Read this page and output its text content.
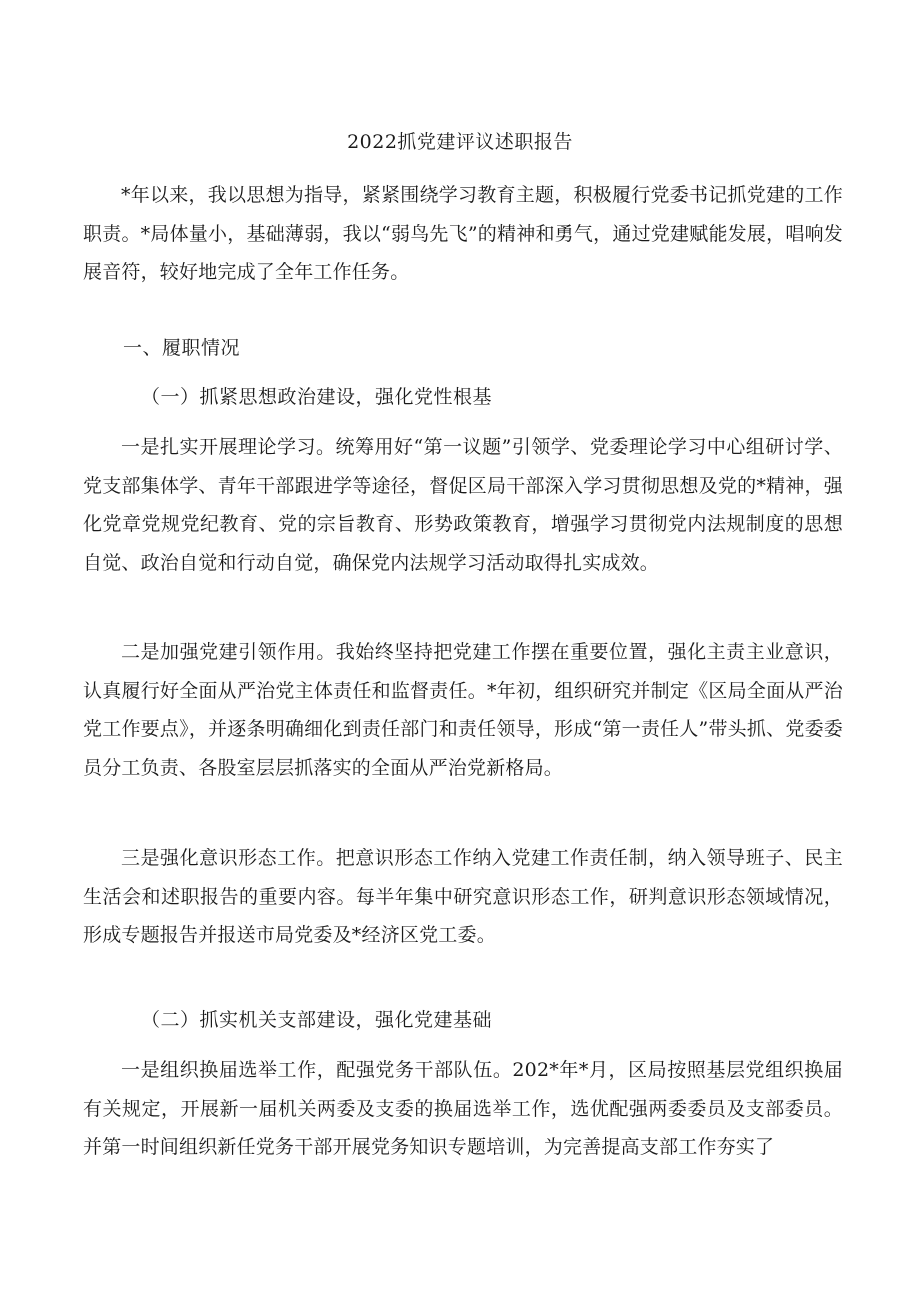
2022抓党建评议述职报告

*年以来，我以思想为指导，紧紧围绕学习教育主题，积极履行党委书记抓党建的工作职责。*局体量小，基础薄弱，我以“弱鸟先飞”的精神和勇气，通过党建赋能发展，唱响发展音符，较好地完成了全年工作任务。

一、履职情况
（一）抓紧思想政治建设，强化党性根基

一是扎实开展理论学习。统筹用好“第一议题”引领学、党委理论学习中心组研讨学、党支部集体学、青年干部跟进学等途径，督促区局干部深入学习贯彻思想及党的*精神，强化党章党规党纪教育、党的宗旨教育、形势政策教育，增强学习贯彻党内法规制度的思想自觉、政治自觉和行动自觉，确保党内法规学习活动取得扎实成效。

二是加强党建引领作用。我始终坚持把党建工作摆在重要位置，强化主责主业意识，认真履行好全面从严治党主体责任和监督责任。*年初，组织研究并制定《区局全面从严治党工作要点》，并逐条明确细化到责任部门和责任领导，形成“第一责任人”带头抓、党委委员分工负责、各股室层层抓落实的全面从严治党新格局。

三是强化意识形态工作。把意识形态工作纳入党建工作责任制，纳入领导班子、民主生活会和述职报告的重要内容。每半年集中研究意识形态工作，研判意识形态领域情况，形成专题报告并报送市局党委及*经济区党工委。

（二）抓实机关支部建设，强化党建基础

一是组织换届选举工作，配强党务干部队伍。202*年*月，区局按照基层党组织换届有关规定，开展新一届机关两委及支委的换届选举工作，选优配强两委委员及支部委员。并第一时间组织新任党务干部开展党务知识专题培训，为完善提高支部工作夯实了
